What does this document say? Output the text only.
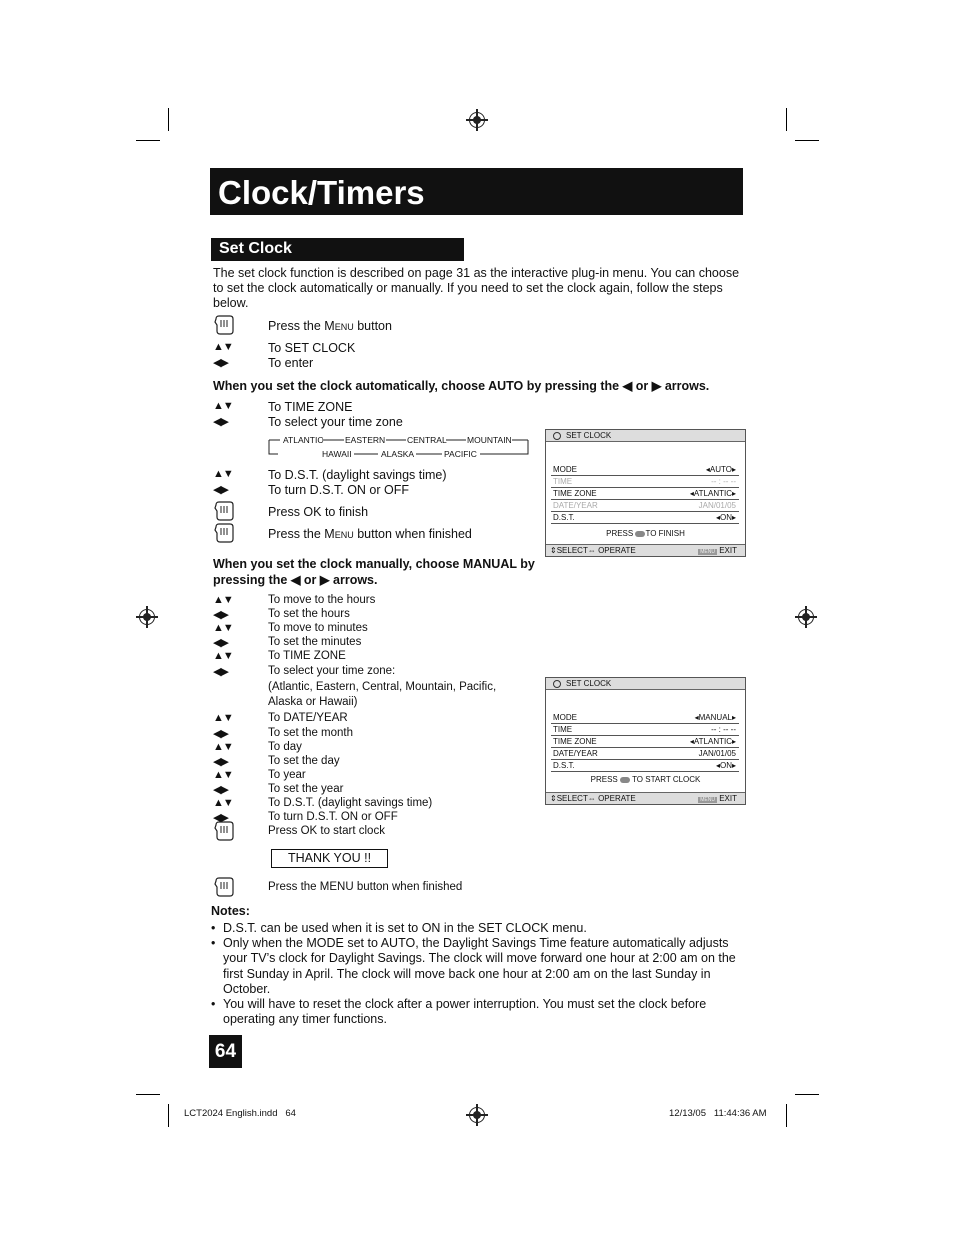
Clock/Timers
Set Clock
The set clock function is described on page 31 as the interactive plug-in menu. You can choose to set the clock automatically or manually. If you need to set the clock again, follow the steps below.
Press the Menu button
▲▼	To SET CLOCK
◀▶	To enter
When you set the clock automatically, choose AUTO by pressing the ◀ or ▶ arrows.
▲▼	To TIME ZONE
◀▶	To select your time zone
ATLANTIC	EASTERN	CENTRAL MOUNTAIN
HAWAII	ALASKA	PACIFIC
▲▼	To D.S.T. (daylight savings time)
◀▶	To turn D.S.T. ON or OFF
Press OK to finish
Press the Menu button when finished
SET CLOCK
MODE	◂AUTO▸
TIME	-- : -- --
TIME ZONE	◂ATLANTIC▸
DATE/YEAR	JAN/01/05
D.S.T.	◂ON▸
PRESS TO FINISH
⇕SELECT⇔ OPERATE	MENU EXIT
When you set the clock manually, choose MANUAL by
pressing the ◀ or ▶ arrows.
▲▼	To move to the hours
◀▶	To set the hours
▲▼	To move to minutes
◀▶	To set the minutes
▲▼	To TIME ZONE
◀▶	To select your time zone:
(Atlantic, Eastern, Central, Mountain, Pacific,
Alaska or Hawaii)
▲▼	To DATE/YEAR
◀▶	To set the month
▲▼	To day
◀▶	To set the day
▲▼	To year
◀▶	To set the year
▲▼	To D.S.T. (daylight savings time)
◀▶	To turn D.S.T. ON or OFF
Press OK to start clock
SET CLOCK
MODE	◂MANUAL▸
TIME	-- : -- --
TIME ZONE	◂ATLANTIC▸
DATE/YEAR	JAN/01/05
D.S.T.	◂ON▸
PRESS TO START CLOCK
⇕SELECT⇔ OPERATE	MENU EXIT
THANK YOU !!
Press the MENU button when finished
Notes:
• D.S.T. can be used when it is set to ON in the SET CLOCK menu.
• Only when the MODE set to AUTO, the Daylight Savings Time feature automatically adjusts your TV’s clock for Daylight Savings. The clock will move forward one hour at 2:00 am on the first Sunday in April. The clock will move back one hour at 2:00 am on the last Sunday in October.
• You will have to reset the clock after a power interruption. You must set the clock before operating any timer functions.
64
LCT2024 English.indd   64	12/13/05   11:44:36 AM
